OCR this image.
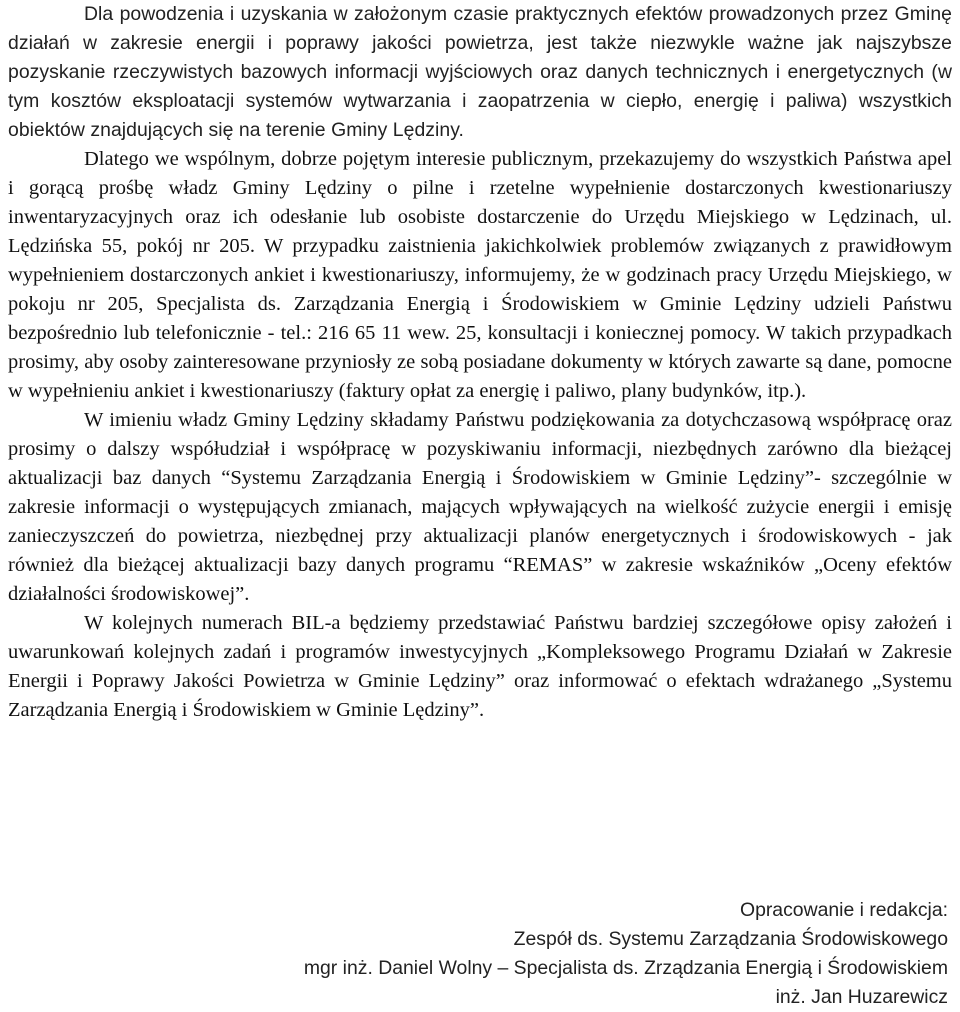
Dla powodzenia i uzyskania w założonym czasie praktycznych efektów prowadzonych przez Gminę działań w zakresie energii i poprawy jakości powietrza, jest także niezwykle ważne jak najszybsze pozyskanie rzeczywistych bazowych informacji wyjściowych oraz danych technicznych i energetycznych (w tym kosztów eksploatacji systemów wytwarzania i zaopatrzenia w ciepło, energię i paliwa) wszystkich obiektów znajdujących się na terenie Gminy Lędziny.

Dlatego we wspólnym, dobrze pojętym interesie publicznym, przekazujemy do wszystkich Państwa apel i gorącą prośbę władz Gminy Lędziny o pilne i rzetelne wypełnienie dostarczonych kwestionariuszy inwentaryzacyjnych oraz ich odesłanie lub osobiste dostarczenie do Urzędu Miejskiego w Lędzinach, ul. Lędzińska 55, pokój nr 205. W przypadku zaistnienia jakichkolwiek problemów związanych z prawidłowym wypełnieniem dostarczonych ankiet i kwestionariuszy, informujemy, że w godzinach pracy Urzędu Miejskiego, w pokoju nr 205, Specjalista ds. Zarządzania Energią i Środowiskiem w Gminie Lędziny udzieli Państwu bezpośrednio lub telefonicznie - tel.: 216 65 11 wew. 25, konsultacji i koniecznej pomocy. W takich przypadkach prosimy, aby osoby zainteresowane przyniosły ze sobą posiadane dokumenty w których zawarte są dane, pomocne w wypełnieniu ankiet i kwestionariuszy (faktury opłat za energię i paliwo, plany budynków, itp.).

W imieniu władz Gminy Lędziny składamy Państwu podziękowania za dotychczasową współpracę oraz prosimy o dalszy współudział i współpracę w pozyskiwaniu informacji, niezbędnych zarówno dla bieżącej aktualizacji baz danych “Systemu Zarządzania Energią i Środowiskiem w Gminie Lędziny”- szczególnie w zakresie informacji o występujących zmianach, mających wpływających na wielkość zużycie energii i emisję zanieczyszczeń do powietrza, niezbędnej przy aktualizacji planów energetycznych i środowiskowych - jak również dla bieżącej aktualizacji bazy danych programu “REMAS” w zakresie wskaźników „Oceny efektów działalności środowiskowej”.

W kolejnych numerach BIL-a będziemy przedstawiać Państwu bardziej szczegółowe opisy założeń i uwarunkowań kolejnych zadań i programów inwestycyjnych „Kompleksowego Programu Działań w Zakresie Energii i Poprawy Jakości Powietrza w Gminie Lędziny” oraz informować o efektach wdrażanego „Systemu Zarządzania Energią i Środowiskiem w Gminie Lędziny”.

Opracowanie i redakcja:
Zespół ds. Systemu Zarządzania Środowiskowego
mgr inż. Daniel Wolny – Specjalista ds. Zrządzania Energią i Środowiskiem
inż. Jan Huzarewicz
